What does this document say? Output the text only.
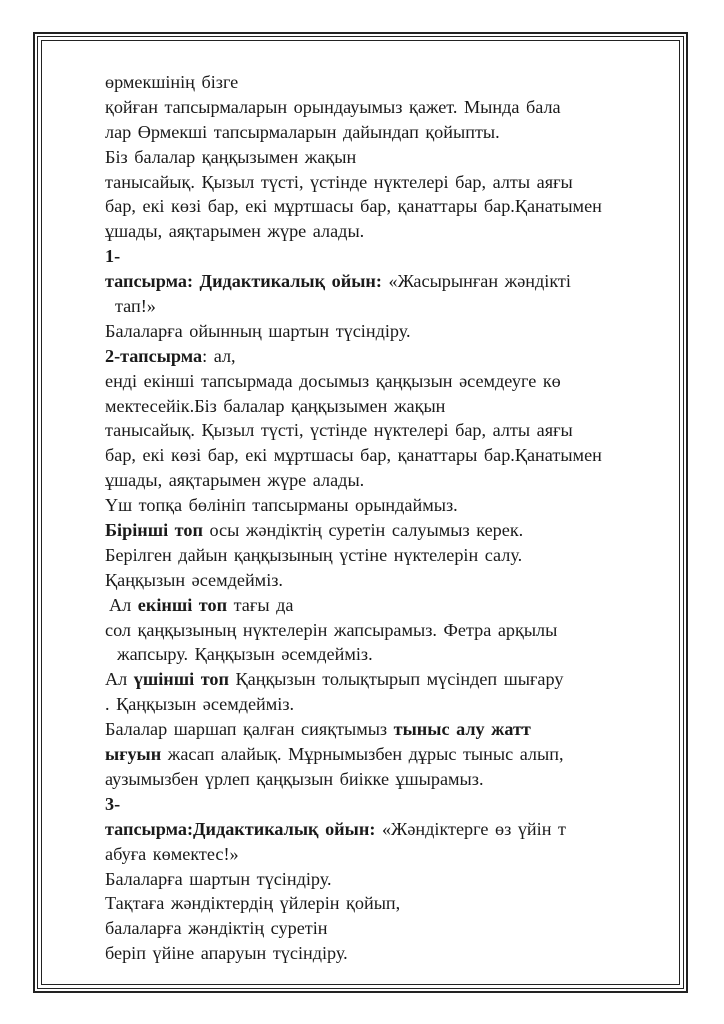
өрмекшінің бізге
қойған тапсырмаларын орындауымыз қажет. Мында бала
лар Өрмекші тапсырмаларын дайындап қойыпты.
Біз балалар қаңқызымен жақын
танысайық. Қызыл түсті, үстінде нүктелері бар, алты аяғы
бар, екі көзі бар, екі мұртшасы бар, қанаттары бар.Қанатымен
ұшады, аяқтарымен жүре алады.
1-
тапсырма: Дидактикалық ойын: «Жасырынған жәндікті
тап!»
Балаларға ойынның шартын түсіндіру.
2-тапсырма: ал,
енді екінші тапсырмада досымыз қаңқызын әсемдеуге кө
мектесейік.Біз балалар қаңқызымен жақын
танысайық. Қызыл түсті, үстінде нүктелері бар, алты аяғы
бар, екі көзі бар, екі мұртшасы бар, қанаттары бар.Қанатымен
ұшады, аяқтарымен жүре алады.
Үш топқа бөлініп тапсырманы орындаймыз.
Бірінші топ осы жәндіктің суретін салуымыз керек.
Берілген дайын қаңқызының үстіне нүктелерін салу.
Қаңқызын әсемдейміз.
Ал екінші топ тағы да
сол қаңқызының нүктелерін жапсырамыз. Фетра арқылы
жапсыру. Қаңқызын әсемдейміз.
Ал үшінші топ Қаңқызын толықтырып мүсіндеп шығару
. Қаңқызын әсемдейміз.
Балалар шаршап қалған сияқтымыз тыныс алу жатт
ығуын жасап алайық. Мұрнымызбен дұрыс тыныс алып,
аузымызбен үрлеп қаңқызын биікке ұшырамыз.
3-
тапсырма:Дидактикалық ойын: «Жәндіктерге өз үйін т
абуға көмектес!»
Балаларға шартын түсіндіру.
Тақтаға жәндіктердің үйлерін қойып,
балаларға жәндіктің суретін
беріп үйіне апаруын түсіндіру.
